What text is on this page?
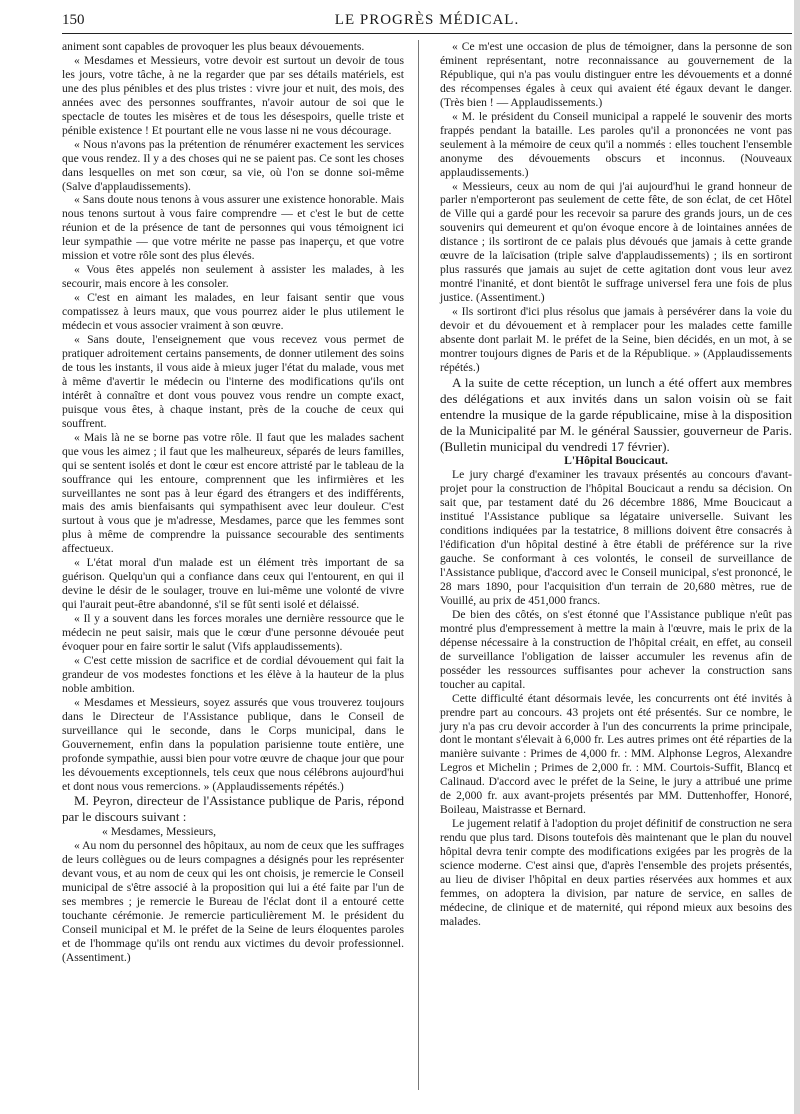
150	LE PROGRÈS MÉDICAL.

animent sont capables de provoquer les plus beaux dévouements.

« Mesdames et Messieurs, votre devoir est surtout un devoir de tous les jours, votre tâche, à ne la regarder que par ses détails matériels, est une des plus pénibles et des plus tristes : vivre jour et nuit, des mois, des années avec des personnes souffrantes, n'avoir autour de soi que le spectacle de toutes les misères et de tous les désespoirs, quelle triste et pénible existence ! Et pourtant elle ne vous lasse ni ne vous décourage.

« Nous n'avons pas la prétention de rénumérer exactement les services que vous rendez. Il y a des choses qui ne se paient pas. Ce sont les choses dans lesquelles on met son cœur, sa vie, où l'on se donne soi-même (Salve d'applaudissements).

« Sans doute nous tenons à vous assurer une existence honorable. Mais nous tenons surtout à vous faire comprendre — et c'est le but de cette réunion et de la présence de tant de personnes qui vous témoignent ici leur sympathie — que votre mérite ne passe pas inaperçu, et que votre mission et votre rôle sont des plus élevés.

« Vous êtes appelés non seulement à assister les malades, à les secourir, mais encore à les consoler.

« C'est en aimant les malades, en leur faisant sentir que vous compatissez à leurs maux, que vous pourrez aider le plus utilement le médecin et vous associer vraiment à son œuvre.

« Sans doute, l'enseignement que vous recevez vous permet de pratiquer adroitement certains pansements, de donner utilement des soins de tous les instants, il vous aide à mieux juger l'état du malade, vous met à même d'avertir le médecin ou l'interne des modifications qu'ils ont intérêt à connaître et dont vous pouvez vous rendre un compte exact, puisque vous êtes, à chaque instant, près de la couche de ceux qui souffrent.

« Mais là ne se borne pas votre rôle. Il faut que les malades sachent que vous les aimez ; il faut que les malheureux, séparés de leurs familles, qui se sentent isolés et dont le cœur est encore attristé par le tableau de la souffrance qui les entoure, comprennent que les infirmières et les surveillantes ne sont pas à leur égard des étrangers et des indifférents, mais des amis bienfaisants qui sympathisent avec leur douleur. C'est surtout à vous que je m'adresse, Mesdames, parce que les femmes sont plus à même de comprendre la puissance secourable des sentiments affectueux.

« L'état moral d'un malade est un élément très important de sa guérison. Quelqu'un qui a confiance dans ceux qui l'entourent, en qui il devine le désir de le soulager, trouve en lui-même une volonté de vivre qui l'aurait peut-être abandonné, s'il se fût senti isolé et délaissé.

« Il y a souvent dans les forces morales une dernière ressource que le médecin ne peut saisir, mais que le cœur d'une personne dévouée peut évoquer pour en faire sortir le salut (Vifs applaudissements).

« C'est cette mission de sacrifice et de cordial dévouement qui fait la grandeur de vos modestes fonctions et les élève à la hauteur de la plus noble ambition.

« Mesdames et Messieurs, soyez assurés que vous trouverez toujours dans le Directeur de l'Assistance publique, dans le Conseil de surveillance qui le seconde, dans le Corps municipal, dans le Gouvernement, enfin dans la population parisienne toute entière, une profonde sympathie, aussi bien pour votre œuvre de chaque jour que pour les dévouements exceptionnels, tels ceux que nous célébrons aujourd'hui et dont nous vous remercions. » (Applaudissements répétés.)

M. Peyron, directeur de l'Assistance publique de Paris, répond par le discours suivant :

« Mesdames, Messieurs,

« Au nom du personnel des hôpitaux, au nom de ceux que les suffrages de leurs collègues ou de leurs compagnes a désignés pour les représenter devant vous, et au nom de ceux qui les ont choisis, je remercie le Conseil municipal de s'être associé à la proposition qui lui a été faite par l'un de ses membres ; je remercie le Bureau de l'éclat dont il a entouré cette touchante cérémonie. Je remercie particulièrement M. le président du Conseil municipal et M. le préfet de la Seine de leurs éloquentes paroles et de l'hommage qu'ils ont rendu aux victimes du devoir professionnel. (Assentiment.)

« Ce m'est une occasion de plus de témoigner, dans la personne de son éminent représentant, notre reconnaissance au gouvernement de la République, qui n'a pas voulu distinguer entre les dévouements et a donné des récompenses égales à ceux qui avaient été égaux devant le danger. (Très bien ! — Applaudissements.)

« M. le président du Conseil municipal a rappelé le souvenir des morts frappés pendant la bataille. Les paroles qu'il a prononcées ne vont pas seulement à la mémoire de ceux qu'il a nommés : elles touchent l'ensemble anonyme des dévouements obscurs et inconnus. (Nouveaux applaudissements.)

« Messieurs, ceux au nom de qui j'ai aujourd'hui le grand honneur de parler n'emporteront pas seulement de cette fête, de son éclat, de cet Hôtel de Ville qui a gardé pour les recevoir sa parure des grands jours, un de ces souvenirs qui demeurent et qu'on évoque encore à de lointaines années de distance ; ils sortiront de ce palais plus dévoués que jamais à cette grande œuvre de la laïcisation (triple salve d'applaudissements) ; ils en sortiront plus rassurés que jamais au sujet de cette agitation dont vous leur avez montré l'inanité, et dont bientôt le suffrage universel fera une fois de plus justice. (Assentiment.)

« Ils sortiront d'ici plus résolus que jamais à persévérer dans la voie du devoir et du dévouement et à remplacer pour les malades cette famille absente dont parlait M. le préfet de la Seine, bien décidés, en un mot, à se montrer toujours dignes de Paris et de la République. » (Applaudissements répétés.)

A la suite de cette réception, un lunch a été offert aux membres des délégations et aux invités dans un salon voisin où se fait entendre la musique de la garde républicaine, mise à la disposition de la Municipalité par M. le général Saussier, gouverneur de Paris. (Bulletin municipal du vendredi 17 février).

L'Hôpital Boucicaut.

Le jury chargé d'examiner les travaux présentés au concours d'avant-projet pour la construction de l'hôpital Boucicaut a rendu sa décision. On sait que, par testament daté du 26 décembre 1886, Mme Boucicaut a institué l'Assistance publique sa légataire universelle. Suivant les conditions indiquées par la testatrice, 8 millions doivent être consacrés à l'édification d'un hôpital destiné à être établi de préférence sur la rive gauche. Se conformant à ces volontés, le conseil de surveillance de l'Assistance publique, d'accord avec le Conseil municipal, s'est prononcé, le 28 mars 1890, pour l'acquisition d'un terrain de 20,680 mètres, rue de Vouillé, au prix de 451,000 francs.

De bien des côtés, on s'est étonné que l'Assistance publique n'eût pas montré plus d'empressement à mettre la main à l'œuvre, mais le prix de la dépense nécessaire à la construction de l'hôpital créait, en effet, au conseil de surveillance l'obligation de laisser accumuler les revenus afin de posséder les ressources suffisantes pour achever la construction sans toucher au capital.

Cette difficulté étant désormais levée, les concurrents ont été invités à prendre part au concours. 43 projets ont été présentés. Sur ce nombre, le jury n'a pas cru devoir accorder à l'un des concurrents la prime principale, dont le montant s'élevait à 6,000 fr. Les autres primes ont été réparties de la manière suivante : Primes de 4,000 fr. : MM. Alphonse Legros, Alexandre Legros et Michelin ; Primes de 2,000 fr. : MM. Courtois-Suffit, Blancq et Calinaud. D'accord avec le préfet de la Seine, le jury a attribué une prime de 2,000 fr. aux avant-projets présentés par MM. Duttenhoffer, Honoré, Boileau, Maistrasse et Bernard.

Le jugement relatif à l'adoption du projet définitif de construction ne sera rendu que plus tard. Disons toutefois dès maintenant que le plan du nouvel hôpital devra tenir compte des modifications exigées par les progrès de la science moderne. C'est ainsi que, d'après l'ensemble des projets présentés, au lieu de diviser l'hôpital en deux parties réservées aux hommes et aux femmes, on adoptera la division, par nature de service, en salles de médecine, de clinique et de maternité, qui répond mieux aux besoins des malades.
